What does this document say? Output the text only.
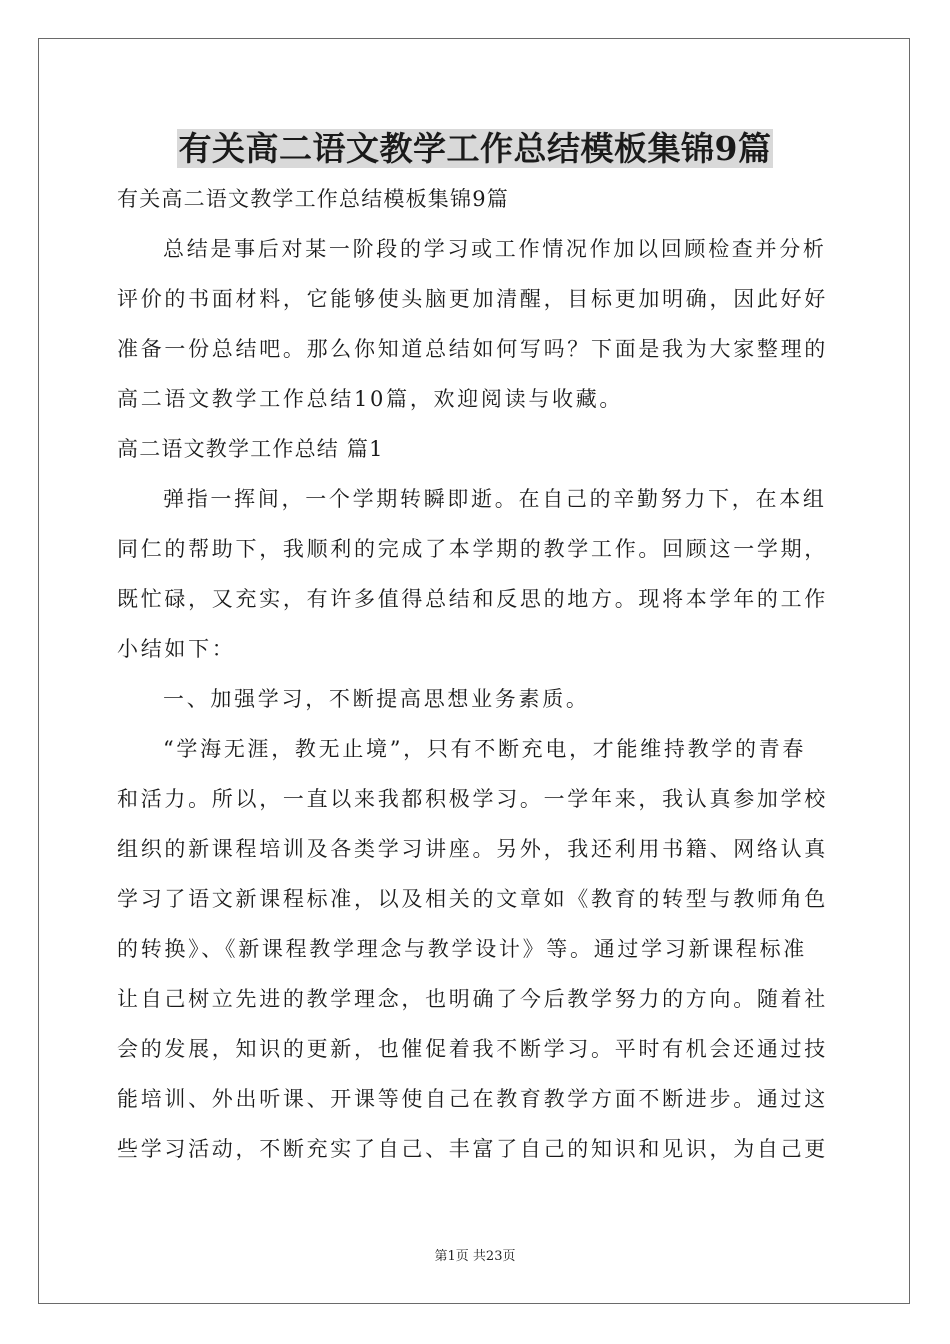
有关高二语文教学工作总结模板集锦9篇
有关高二语文教学工作总结模板集锦9篇
总结是事后对某一阶段的学习或工作情况作加以回顾检查并分析
评价的书面材料，它能够使头脑更加清醒，目标更加明确，因此好好
准备一份总结吧。那么你知道总结如何写吗？下面是我为大家整理的
高二语文教学工作总结10篇，欢迎阅读与收藏。
高二语文教学工作总结 篇1
弹指一挥间，一个学期转瞬即逝。在自己的辛勤努力下，在本组
同仁的帮助下，我顺利的完成了本学期的教学工作。回顾这一学期，
既忙碌，又充实，有许多值得总结和反思的地方。现将本学年的工作
小结如下：
一、加强学习，不断提高思想业务素质。
“学海无涯，教无止境”，只有不断充电，才能维持教学的青春
和活力。所以，一直以来我都积极学习。一学年来，我认真参加学校
组织的新课程培训及各类学习讲座。另外，我还利用书籍、网络认真
学习了语文新课程标准，以及相关的文章如《教育的转型与教师角色
的转换》、《新课程教学理念与教学设计》等。通过学习新课程标准
让自己树立先进的教学理念，也明确了今后教学努力的方向。随着社
会的发展，知识的更新，也催促着我不断学习。平时有机会还通过技
能培训、外出听课、开课等使自己在教育教学方面不断进步。通过这
些学习活动，不断充实了自己、丰富了自己的知识和见识，为自己更
第1页 共23页
